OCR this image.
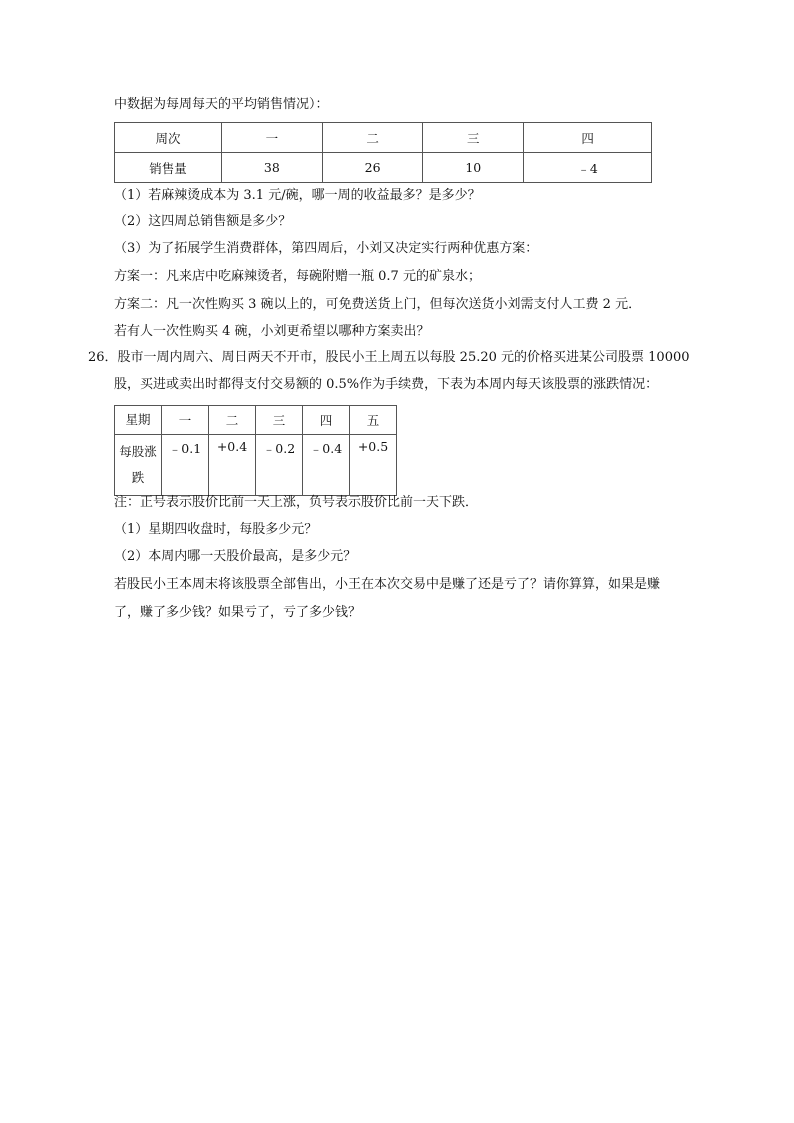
中数据为每周每天的平均销售情况）：
周次	一	二	三	四
销售量	38	26	10	﹣4
（1）若麻辣烫成本为 3.1 元/碗，哪一周的收益最多？是多少？
（2）这四周总销售额是多少？
（3）为了拓展学生消费群体，第四周后，小刘又决定实行两种优惠方案：
方案一：凡来店中吃麻辣烫者，每碗附赠一瓶 0.7 元的矿泉水；
方案二：凡一次性购买 3 碗以上的，可免费送货上门，但每次送货小刘需支付人工费 2 元．
若有人一次性购买 4 碗，小刘更希望以哪种方案卖出？
26．股市一周内周六、周日两天不开市，股民小王上周五以每股 25.20 元的价格买进某公司股票 10000
股，买进或卖出时都得支付交易额的 0.5%作为手续费，下表为本周内每天该股票的涨跌情况：
星期	一	二	三	四	五

每股涨
跌	﹣0.1	+0.4	﹣0.2	﹣0.4	+0.5
注：正号表示股价比前一天上涨，负号表示股价比前一天下跌．
（1）星期四收盘时，每股多少元？
（2）本周内哪一天股价最高，是多少元？
若股民小王本周末将该股票全部售出，小王在本次交易中是赚了还是亏了？请你算算，如果是赚
了，赚了多少钱？如果亏了，亏了多少钱？
